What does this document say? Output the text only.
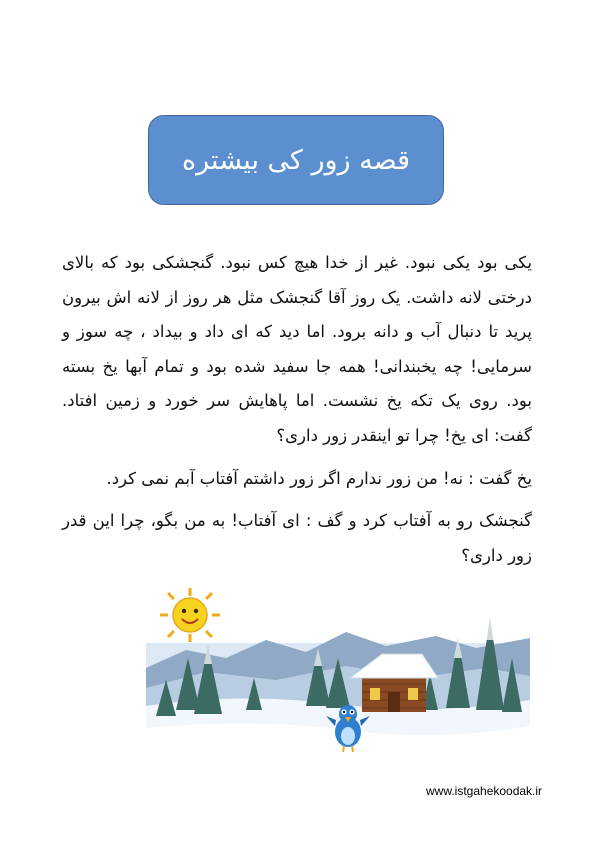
قصه زور کی بیشتره

یکی بود یکی نبود. غیر از خدا هیچ کس نبود. گنجشکی بود که بالای درختی لانه داشت. یک روز آقا گنجشک مثل هر روز از لانه اش بیرون پرید تا دنبال آب و دانه برود. اما دید که ای داد و بیداد ، چه سوز و سرمایی! چه یخبندانی! همه جا سفید شده بود و تمام آبها یخ بسته بود. روی یک تکه یخ نشست. اما پاهایش سر خورد و زمین افتاد. گفت: ای یخ! چرا تو اینقدر زور داری؟

یخ گفت : نه! من زور ندارم اگر زور داشتم آفتاب آبم نمی کرد.

گنجشک رو به آفتاب کرد و گف : ای آفتاب! به من بگو، چرا این قدر زور داری؟

www.istgahekoodak.ir
